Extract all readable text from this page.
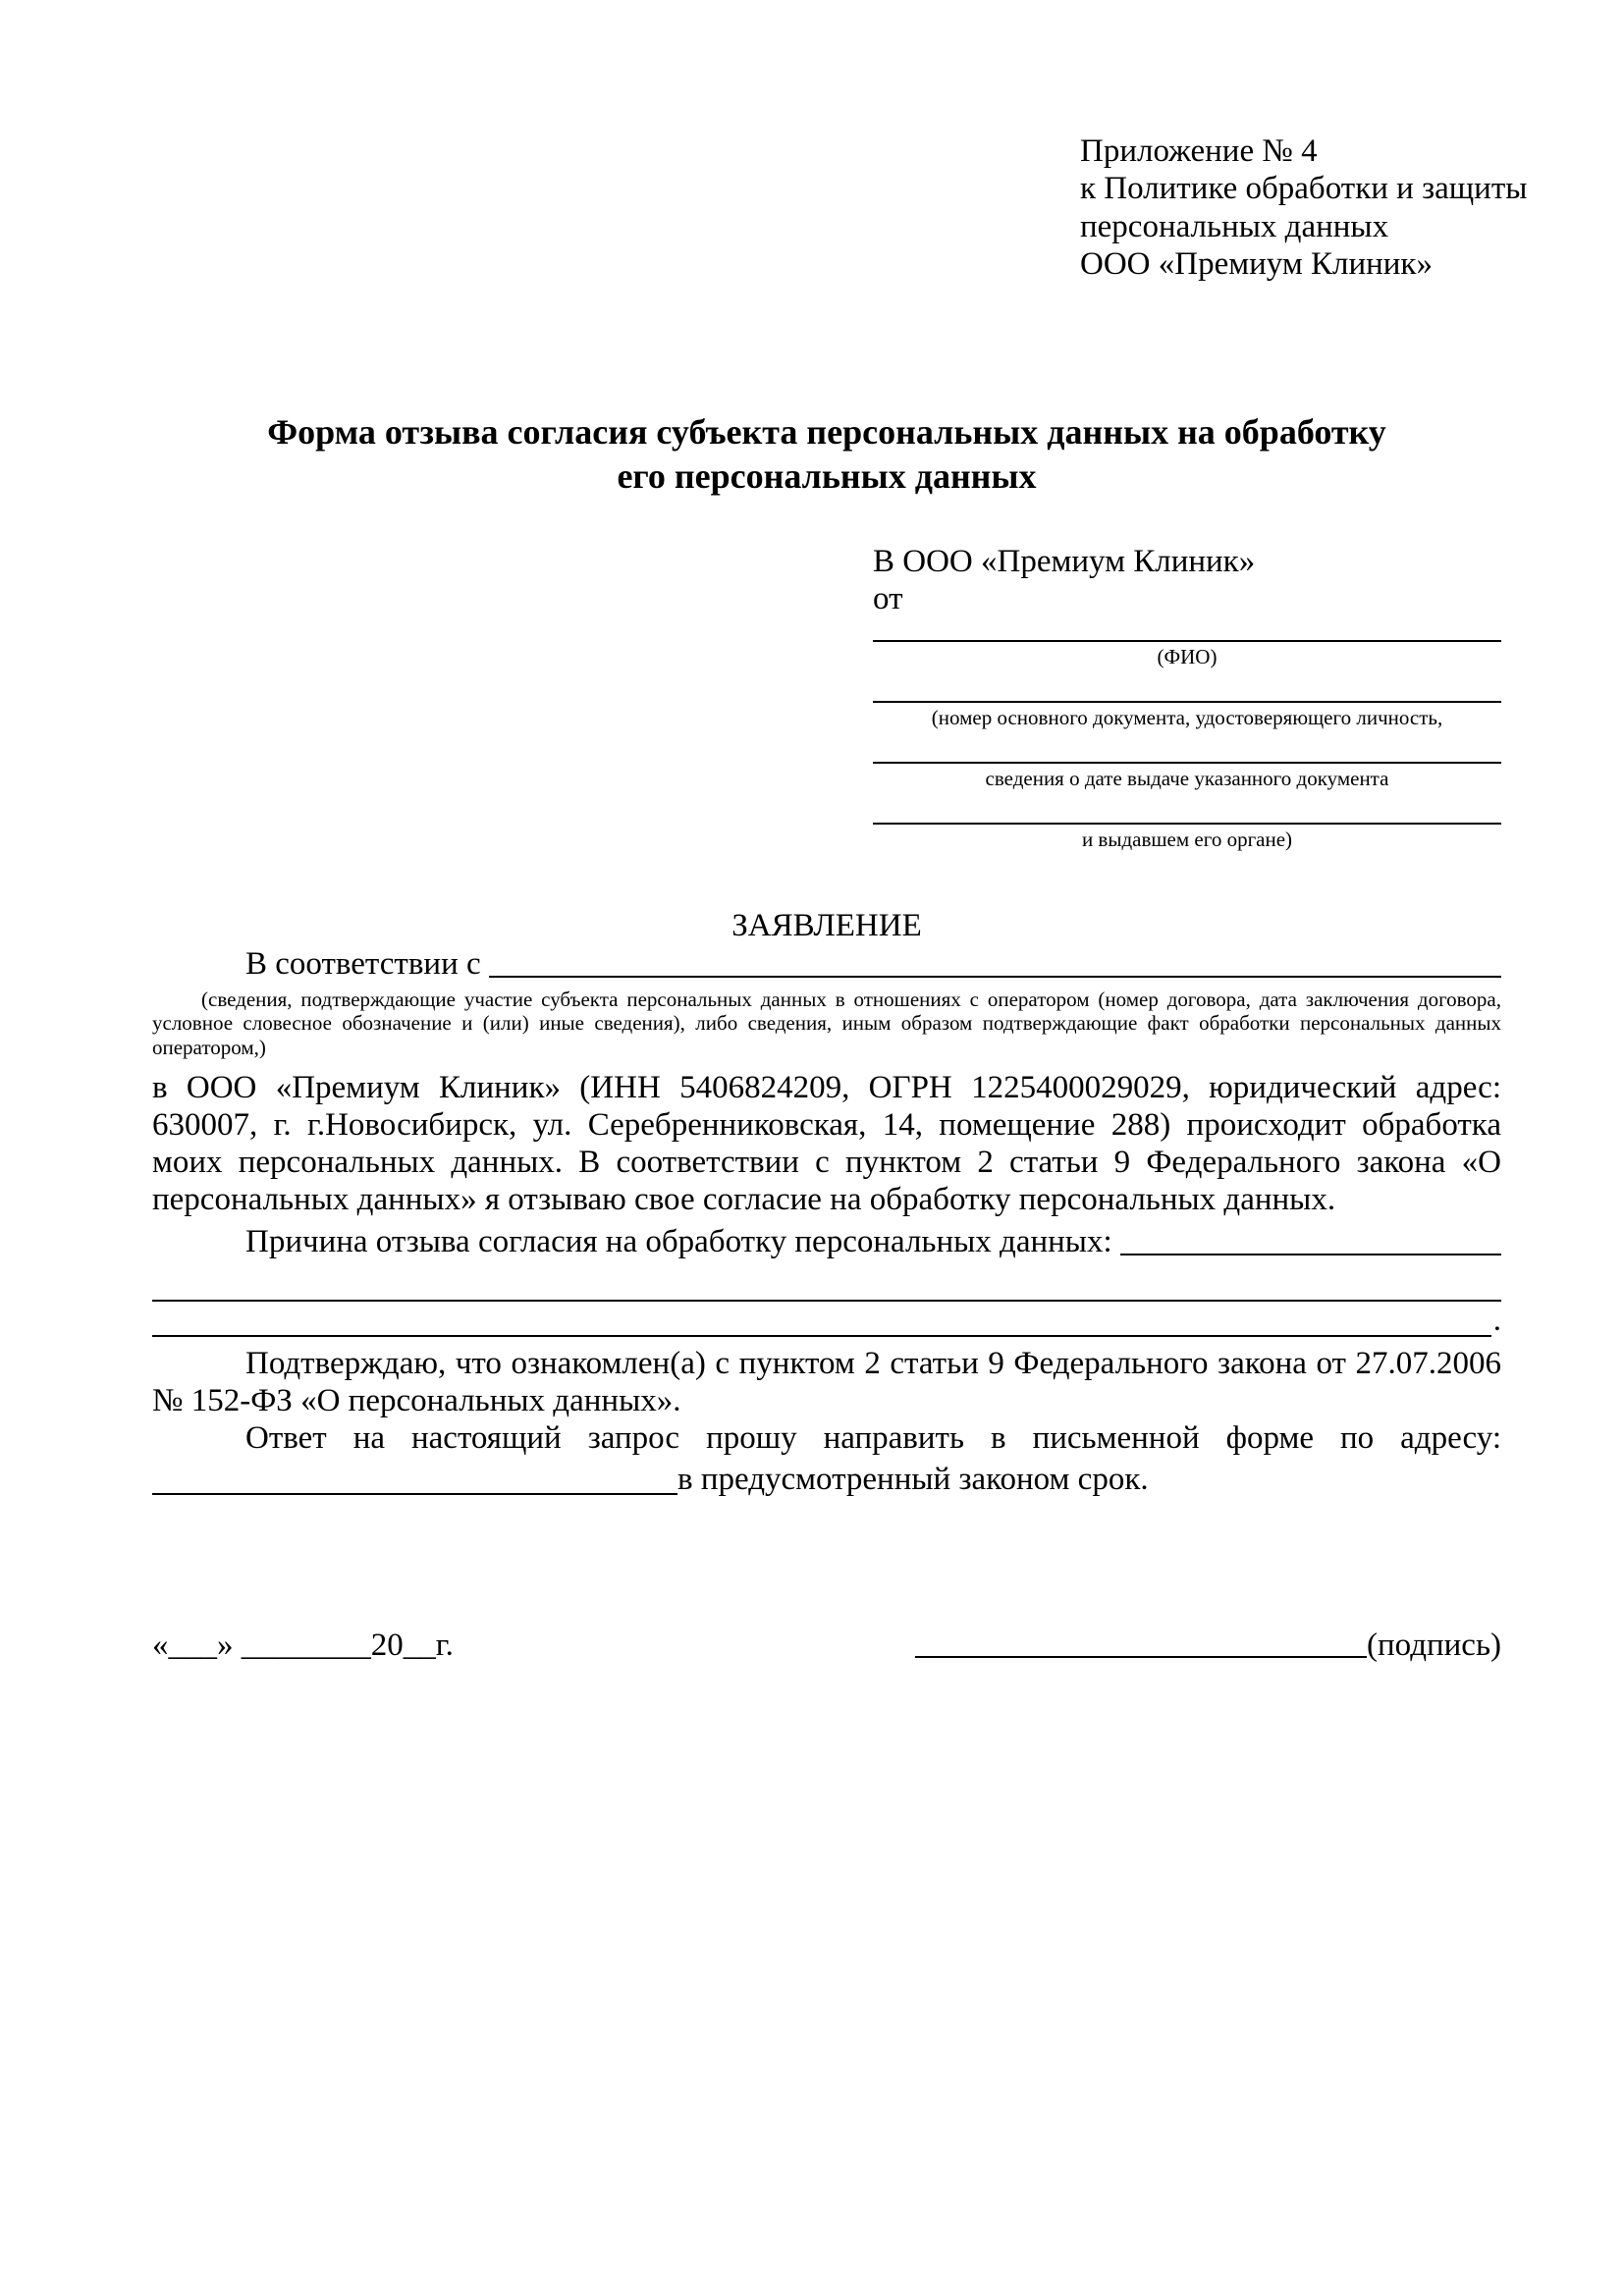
Приложение № 4
к Политике обработки и защиты
персональных данных
ООО «Премиум Клиник»
Форма отзыва согласия субъекта персональных данных на обработку его персональных данных
В ООО «Премиум Клиник»
от
(ФИО)
(номер основного документа, удостоверяющего личность,
сведения о дате выдаче указанного документа
и выдавшем его органе)
ЗАЯВЛЕНИЕ
В соответствии с
(сведения, подтверждающие участие субъекта персональных данных в отношениях с оператором (номер договора, дата заключения договора, условное словесное обозначение и (или) иные сведения), либо сведения, иным образом подтверждающие факт обработки персональных данных оператором,)

в ООО «Премиум Клиник» (ИНН 5406824209, ОГРН 1225400029029, юридический адрес: 630007, г. г.Новосибирск, ул. Серебренниковская, 14, помещение 288) происходит обработка моих персональных данных. В соответствии с пунктом 2 статьи 9 Федерального закона «О персональных данных» я отзываю свое согласие на обработку персональных данных.

Причина отзыва согласия на обработку персональных данных:
.

Подтверждаю, что ознакомлен(а) с пунктом 2 статьи 9 Федерального закона от 27.07.2006 № 152-ФЗ «О персональных данных».

Ответ на настоящий запрос прошу направить в письменной форме по адресу:

в предусмотренный законом срок.
«___» ________20__г.	(подпись)
